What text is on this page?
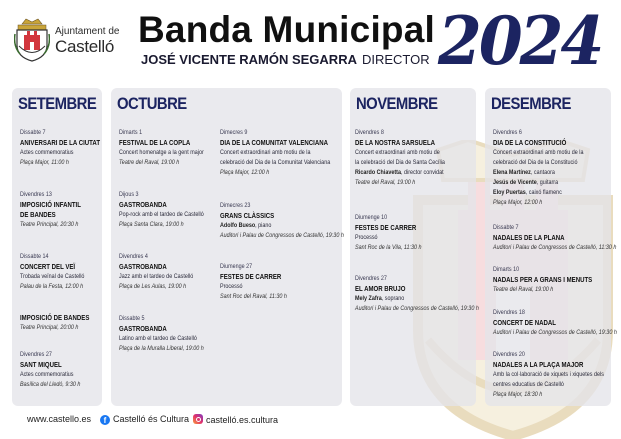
Ajuntament de
Castelló Banda Municipal
JOSÉ VICENTE RAMÓN SEGARRA DIRECTOR 2024
SETEMBRE
Dissabte 7
ANIVERSARI DE LA CIUTAT
Actes commemoratius
Plaça Major, 11:00 h
Divendres 13
IMPOSICIÓ INFANTIL
DE BANDES
Teatre Principal, 20:30 h
Dissabte 14
CONCERT DEL VEÏ
Trobada veïnal de Castelló
Palau de la Festa, 12:00 h
IMPOSICIÓ DE BANDES
Teatre Principal, 20:00 h
Divendres 27
SANT MIQUEL
Actes commemoratius
Basílica del Lledó, 9:30 h
OCTUBRE
Dimarts 1
FESTIVAL DE LA COPLA
Concert homenatge a la gent major
Teatre del Raval, 19:00 h
Dijous 3
GASTROBANDA
Pop-rock amb el tardeo de Castelló
Plaça Santa Clara, 19:00 h
Divendres 4
GASTROBANDA
Jazz amb el tardeo de Castelló
Plaça de Les Aulas, 19:00 h
Dissabte 5
GASTROBANDA
Latino amb el tardeo de Castelló
Plaça de la Muralla Liberal, 19:00 h
Dimecres 9
DIA DE LA COMUNITAT VALENCIANA
Concert extraordinari amb motiu de la
celebració del Dia de la Comunitat Valenciana
Plaça Major, 12:00 h
Dimecres 23
GRANS CLÀSSICS
Adolfo Bueso, piano
Auditori i Palau de Congressos de Castelló, 19:30 h
Diumenge 27
FESTES DE CARRER
Processó
Sant Roc del Raval, 11:30 h
NOVEMBRE
Divendres 8
DE LA NOSTRA SARSUELA
Concert extraordinari amb motiu de
la celebració del Dia de Santa Cecília
Ricardo Chiavetta, director convidat
Teatre del Raval, 19:00 h
Diumenge 10
FESTES DE CARRER
Processó
Sant Roc de la Vila, 11:30 h
Divendres 27
EL AMOR BRUJO
Mely Zafra, soprano
Auditori i Palau de Congressos de Castelló, 19:30 h
DESEMBRE
Divendres 6
DIA DE LA CONSTITUCIÓ
Concert extraordinari amb motiu de la
celebració del Dia de la Constitució
Elena Martínez, cantaora
Jesús de Vicente, guitarra
Eloy Puertas, caixó flamenc
Plaça Major, 12:00 h
Dissabte 7
NADALES DE LA PLANA
Auditori i Palau de Congressos de Castelló, 11:30 h
Dimarts 10
NADALS PER A GRANS I MENUTS
Teatre del Raval, 19:00 h
Divendres 18
CONCERT DE NADAL
Auditori i Palau de Congressos de Castelló, 19:30 h
Divendres 20
NADALES A LA PLAÇA MAJOR
Amb la col·laboració de xiquets i xiquetes dels
centres educatius de Castelló
Plaça Major, 18:30 h
www.castello.es	f Castelló és Cultura	castelló.es.cultura
